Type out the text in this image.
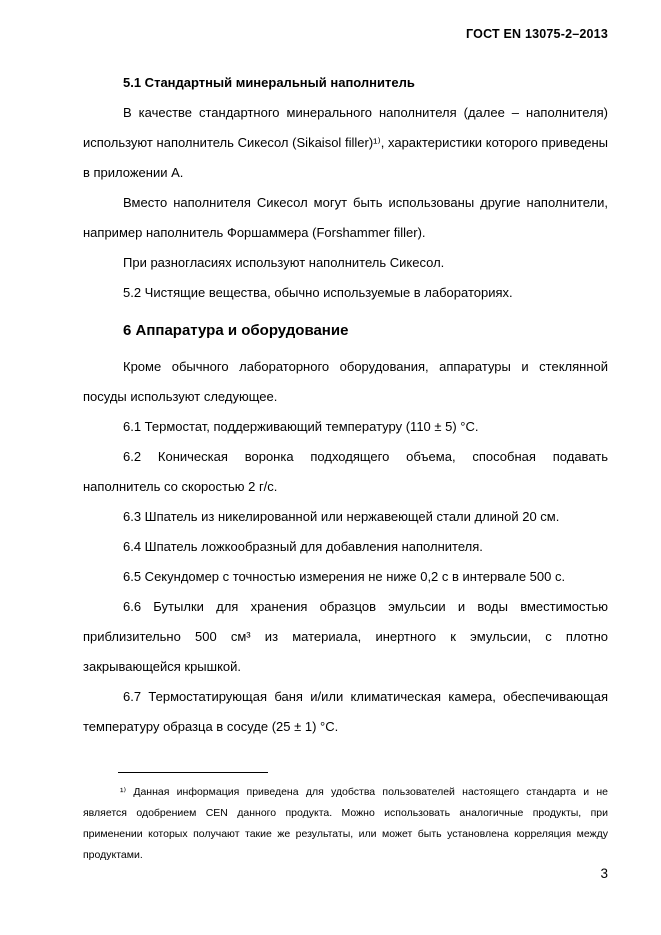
ГОСТ EN 13075-2–2013

5.1 Стандартный минеральный наполнитель

В качестве стандартного минерального наполнителя (далее – наполнителя) используют наполнитель Сикесол (Sikaisol filler)¹⁾, характеристики которого приведены в приложении А.

Вместо наполнителя Сикесол могут быть использованы другие наполнители, например наполнитель Форшаммера (Forshammer filler).

При разногласиях используют наполнитель Сикесол.

5.2 Чистящие вещества, обычно используемые в лабораториях.

6 Аппаратура и оборудование

Кроме обычного лабораторного оборудования, аппаратуры и стеклянной посуды используют следующее.

6.1 Термостат, поддерживающий температуру (110 ± 5) °С.

6.2 Коническая воронка подходящего объема, способная подавать наполнитель со скоростью 2 г/с.

6.3 Шпатель из никелированной или нержавеющей стали длиной 20 см.

6.4 Шпатель ложкообразный для добавления наполнителя.

6.5 Секундомер с точностью измерения не ниже 0,2 с в интервале 500 с.

6.6 Бутылки для хранения образцов эмульсии и воды вместимостью приблизительно 500 см³ из материала, инертного к эмульсии, с плотно закрывающейся крышкой.

6.7 Термостатирующая баня и/или климатическая камера, обеспечивающая температуру образца в сосуде (25 ± 1) °С.

¹⁾ Данная информация приведена для удобства пользователей настоящего стандарта и не является одобрением CEN данного продукта. Можно использовать аналогичные продукты, при применении которых получают такие же результаты, или может быть установлена корреляция между продуктами.

3
